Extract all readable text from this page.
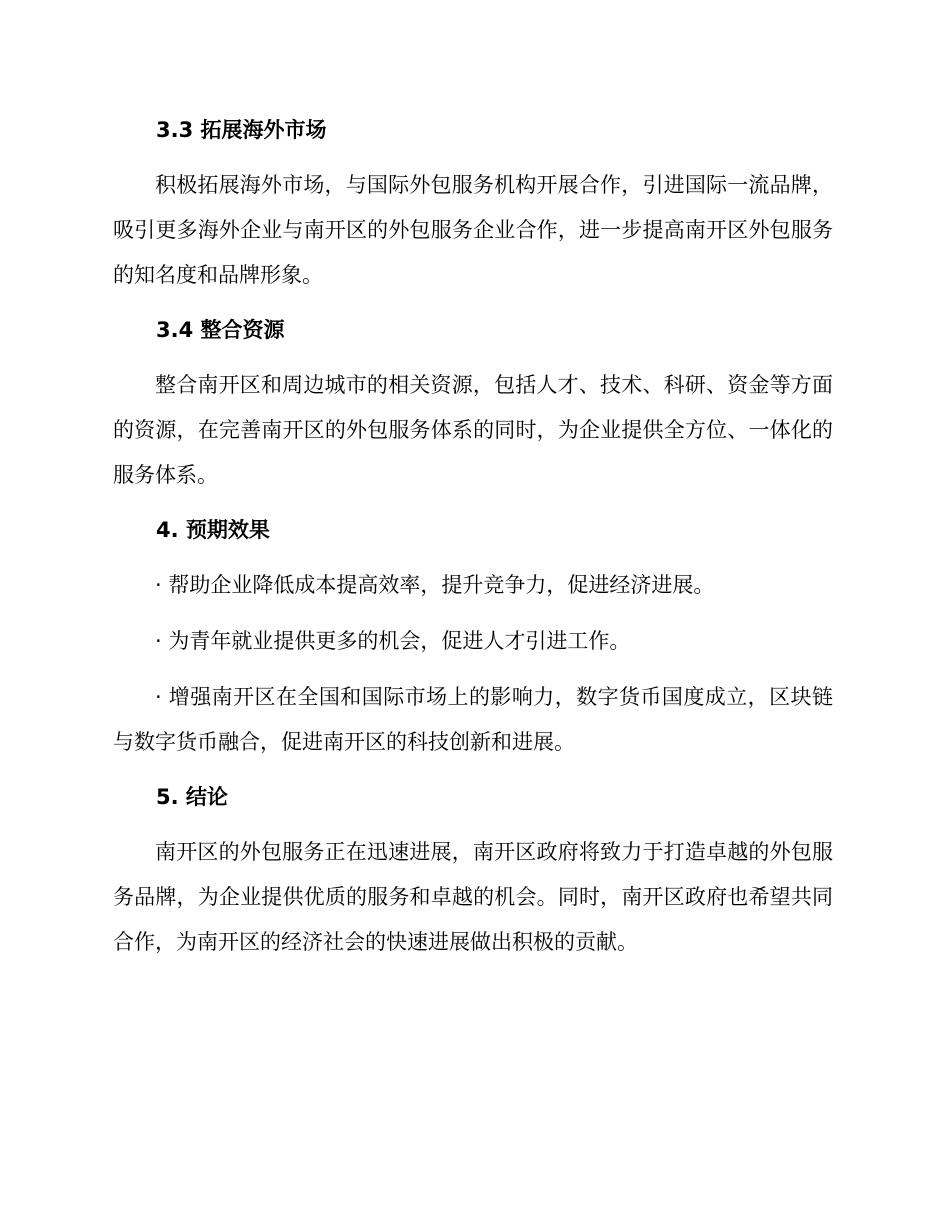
3.3 拓展海外市场

积极拓展海外市场，与国际外包服务机构开展合作，引进国际一流品牌，吸引更多海外企业与南开区的外包服务企业合作，进一步提高南开区外包服务的知名度和品牌形象。

3.4 整合资源

整合南开区和周边城市的相关资源，包括人才、技术、科研、资金等方面的资源，在完善南开区的外包服务体系的同时，为企业提供全方位、一体化的服务体系。

4. 预期效果

· 帮助企业降低成本提高效率，提升竞争力，促进经济进展。

· 为青年就业提供更多的机会，促进人才引进工作。

· 增强南开区在全国和国际市场上的影响力，数字货币国度成立，区块链与数字货币融合，促进南开区的科技创新和进展。

5. 结论

南开区的外包服务正在迅速进展，南开区政府将致力于打造卓越的外包服务品牌，为企业提供优质的服务和卓越的机会。同时，南开区政府也希望共同合作，为南开区的经济社会的快速进展做出积极的贡献。
